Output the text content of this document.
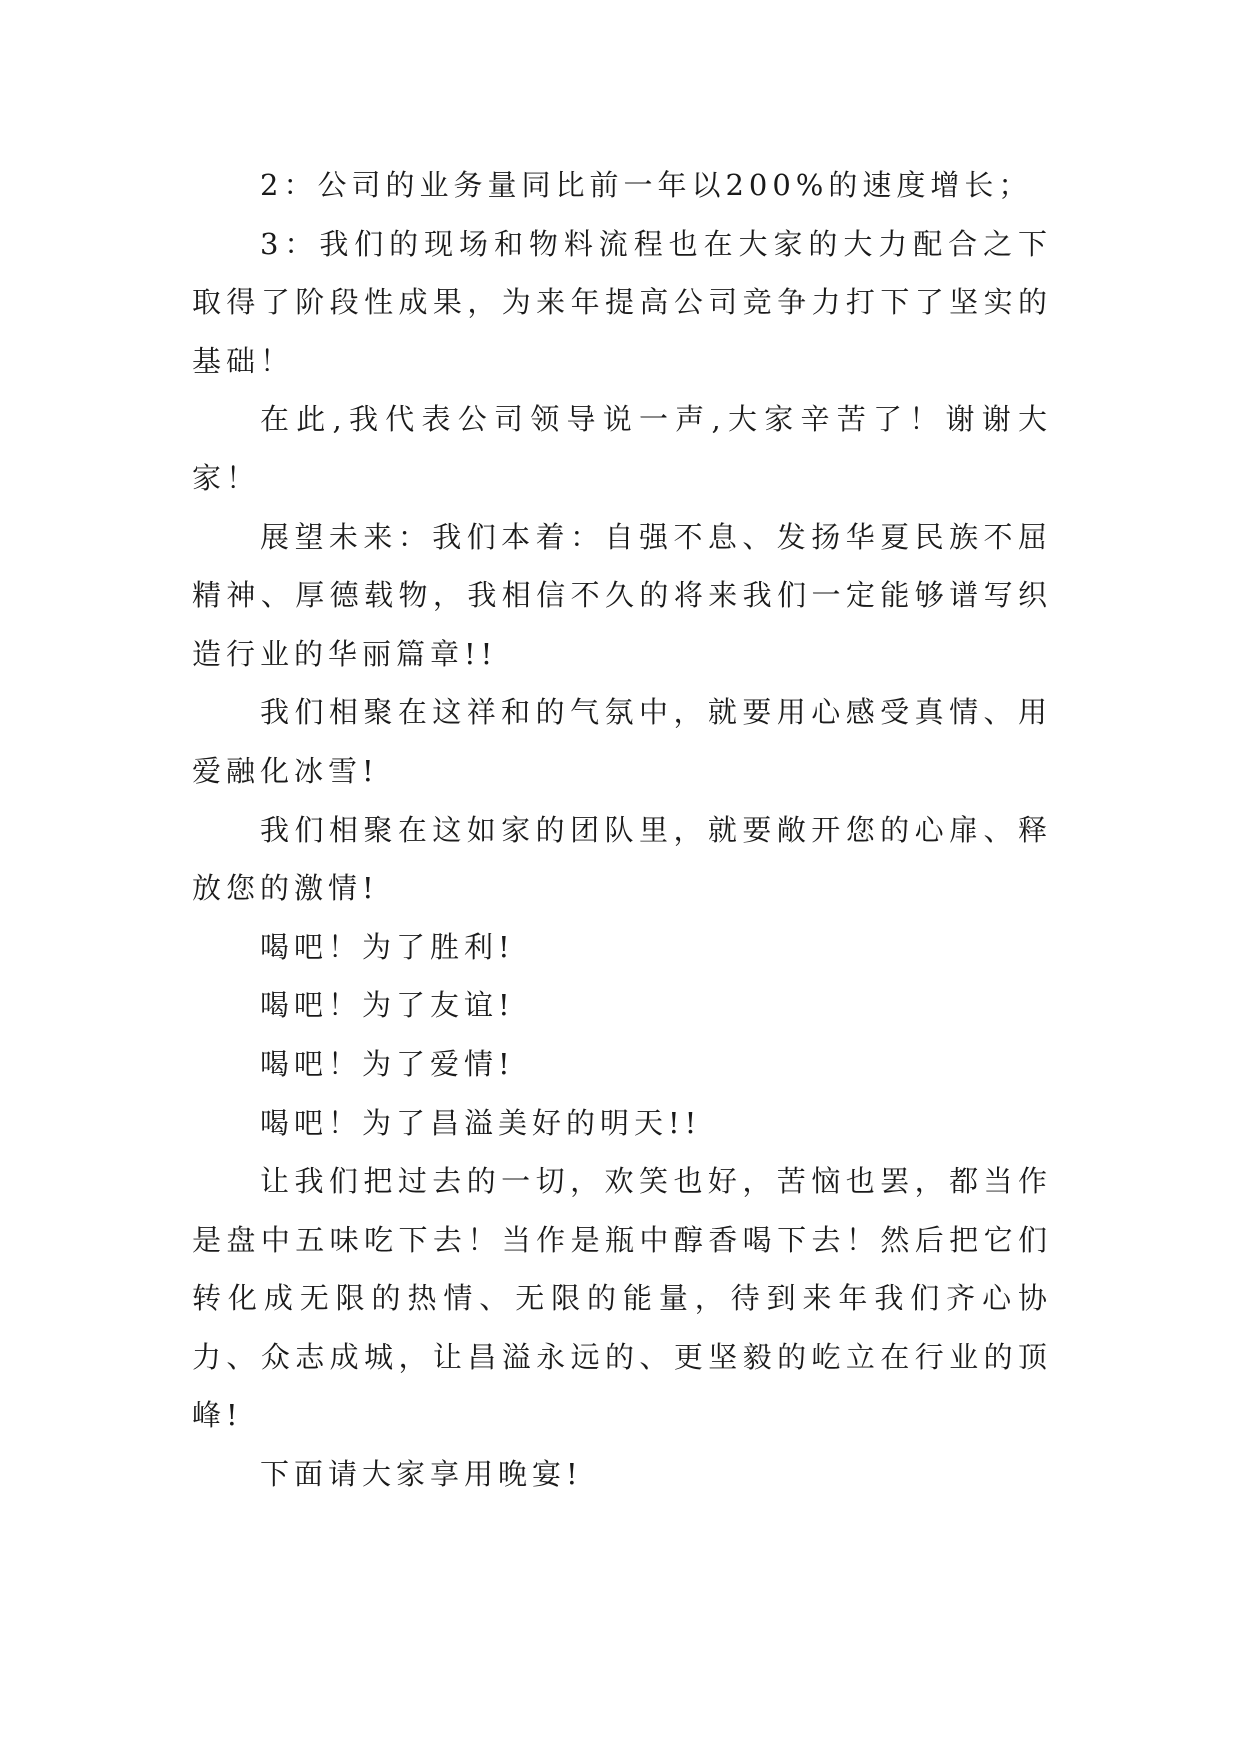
2：公司的业务量同比前一年以200%的速度增长；

3：我们的现场和物料流程也在大家的大力配合之下取得了阶段性成果，为来年提高公司竞争力打下了坚实的基础！

在此,我代表公司领导说一声,大家辛苦了！谢谢大家！

展望未来：我们本着：自强不息、发扬华夏民族不屈精神、厚德载物，我相信不久的将来我们一定能够谱写织造行业的华丽篇章!!

我们相聚在这祥和的气氛中，就要用心感受真情、用爱融化冰雪!

我们相聚在这如家的团队里，就要敞开您的心扉、释放您的激情!

喝吧！为了胜利!

喝吧！为了友谊!

喝吧！为了爱情!

喝吧！为了昌溢美好的明天!!

让我们把过去的一切，欢笑也好，苦恼也罢，都当作是盘中五味吃下去！当作是瓶中醇香喝下去！然后把它们转化成无限的热情、无限的能量，待到来年我们齐心协力、众志成城，让昌溢永远的、更坚毅的屹立在行业的顶峰!

下面请大家享用晚宴!
